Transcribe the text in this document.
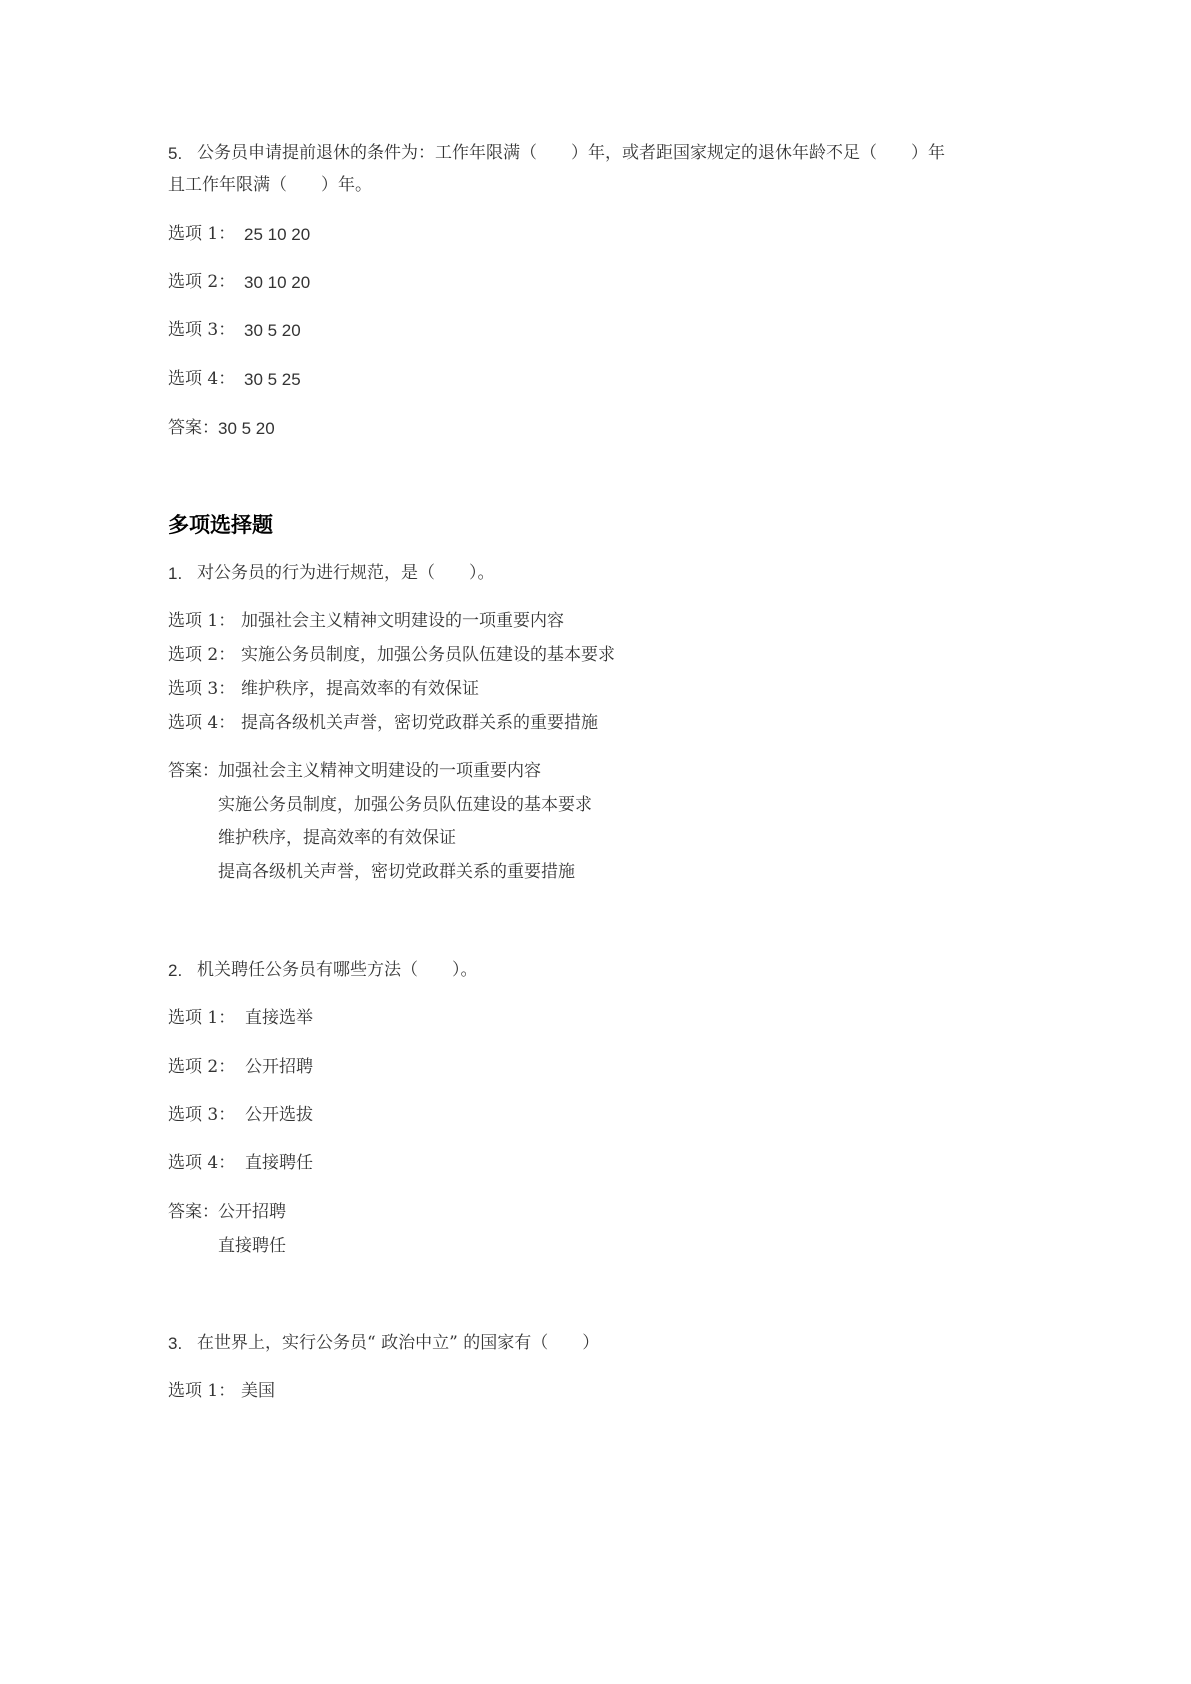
5. 公务员申请提前退休的条件为：工作年限满（　　）年，或者距国家规定的退休年龄不足（　　）年
且工作年限满（　　）年。
选项 1： 25 10 20
选项 2： 30 10 20
选项 3： 30 5 20
选项 4： 30 5 25
答案： 30 5 20
多项选择题
1. 对公务员的行为进行规范，是（　　）。
选项 1： 加强社会主义精神文明建设的一项重要内容
选项 2： 实施公务员制度，加强公务员队伍建设的基本要求
选项 3： 维护秩序，提高效率的有效保证
选项 4： 提高各级机关声誉，密切党政群关系的重要措施
答案： 加强社会主义精神文明建设的一项重要内容
实施公务员制度，加强公务员队伍建设的基本要求
维护秩序，提高效率的有效保证
提高各级机关声誉，密切党政群关系的重要措施
2. 机关聘任公务员有哪些方法（　　）。
选项 1： 直接选举
选项 2： 公开招聘
选项 3： 公开选拔
选项 4： 直接聘任
答案： 公开招聘
直接聘任
3. 在世界上，实行公务员“ 政治中立” 的国家有（　　）
选项 1： 美国
